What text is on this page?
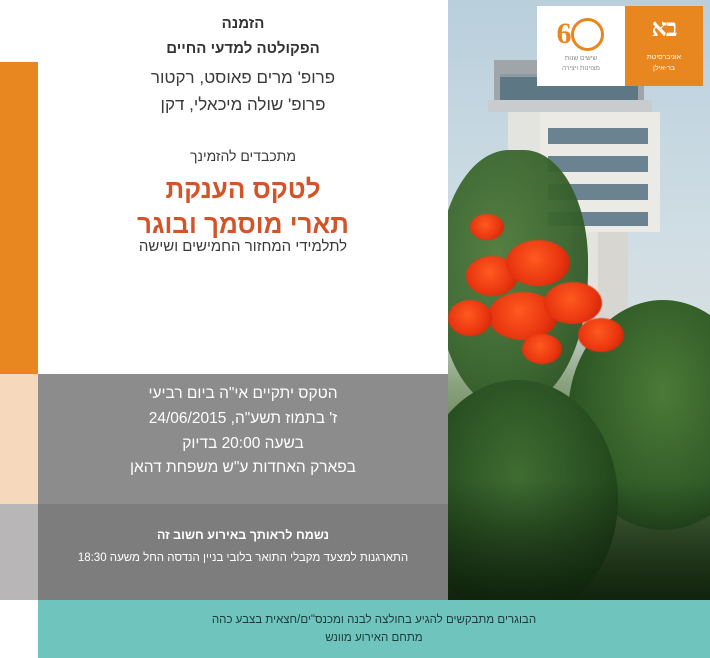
6
שישים שנות
מצוינות ויצירה
בא
אוניברסיטת
בר-אילן
הזמנה
הפקולטה למדעי החיים
פרופ' מרים פאוסט, רקטור
פרופ' שולה מיכאלי, דקן
מתכבדים להזמינך
לטקס הענקת
תארי מוסמך ובוגר
לתלמידי המחזור החמישים ושישה
הטקס יתקיים אי"ה ביום רביעי
ז' בתמוז תשע"ה, 24/06/2015
בשעה 20:00 בדיוק
בפארק האחדות ע"ש משפחת דהאן
נשמח לראותך באירוע חשוב זה
התארגנות למצעד מקבלי התואר בלובי בניין הנדסה החל משעה 18:30
הבוגרים מתבקשים להגיע בחולצה לבנה ומכנס"ים/חצאית בצבע כהה
מתחם האירוע מוונש
